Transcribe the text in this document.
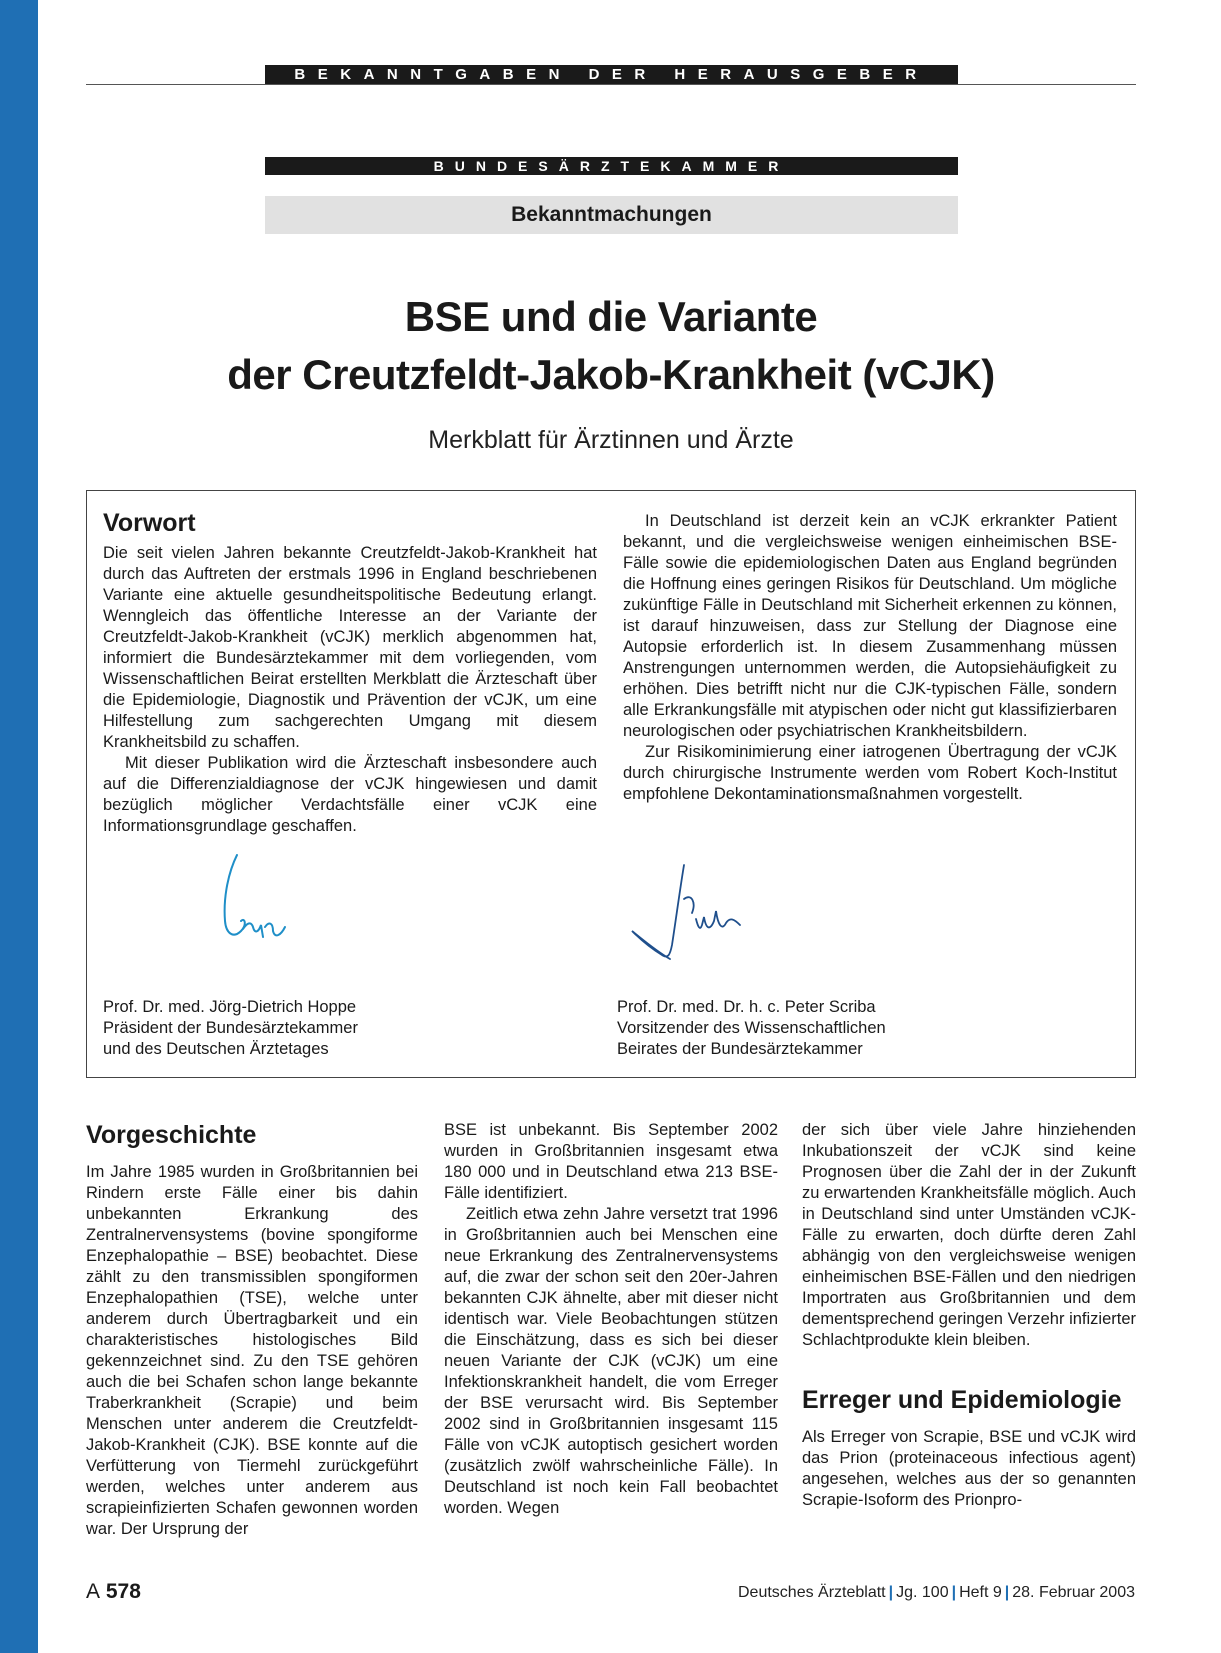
BEKANNTGABEN DER HERAUSGEBER
BUNDESÄRZTEKAMMER
Bekanntmachungen
BSE und die Variante
der Creutzfeldt-Jakob-Krankheit (vCJK)
Merkblatt für Ärztinnen und Ärzte
Vorwort

Die seit vielen Jahren bekannte Creutzfeldt-Jakob-Krankheit hat durch das Auftreten der erstmals 1996 in England beschriebenen Variante eine aktuelle gesundheitspolitische Bedeutung erlangt. Wenngleich das öffentliche Interesse an der Variante der Creutzfeldt-Jakob-Krankheit (vCJK) merklich abgenommen hat, informiert die Bundesärztekammer mit dem vorliegenden, vom Wissenschaftlichen Beirat erstellten Merkblatt die Ärzteschaft über die Epidemiologie, Diagnostik und Prävention der vCJK, um eine Hilfestellung zum sachgerechten Umgang mit diesem Krankheitsbild zu schaffen.

Mit dieser Publikation wird die Ärzteschaft insbesondere auch auf die Differenzialdiagnose der vCJK hingewiesen und damit bezüglich möglicher Verdachtsfälle einer vCJK eine Informationsgrundlage geschaffen.

In Deutschland ist derzeit kein an vCJK erkrankter Patient bekannt, und die vergleichsweise wenigen einheimischen BSE-Fälle sowie die epidemiologischen Daten aus England begründen die Hoffnung eines geringen Risikos für Deutschland. Um mögliche zukünftige Fälle in Deutschland mit Sicherheit erkennen zu können, ist darauf hinzuweisen, dass zur Stellung der Diagnose eine Autopsie erforderlich ist. In diesem Zusammenhang müssen Anstrengungen unternommen werden, die Autopsiehäufigkeit zu erhöhen. Dies betrifft nicht nur die CJK-typischen Fälle, sondern alle Erkrankungsfälle mit atypischen oder nicht gut klassifizierbaren neurologischen oder psychiatrischen Krankheitsbildern.

Zur Risikominimierung einer iatrogenen Übertragung der vCJK durch chirurgische Instrumente werden vom Robert Koch-Institut empfohlene Dekontaminationsmaßnahmen vorgestellt.

Prof. Dr. med. Jörg-Dietrich Hoppe
Präsident der Bundesärztekammer
und des Deutschen Ärztetages
Prof. Dr. med. Dr. h. c. Peter Scriba
Vorsitzender des Wissenschaftlichen
Beirates der Bundesärztekammer
Vorgeschichte

Im Jahre 1985 wurden in Großbritannien bei Rindern erste Fälle einer bis dahin unbekannten Erkrankung des Zentralnervensystems (bovine spongiforme Enzephalopathie – BSE) beobachtet. Diese zählt zu den transmissiblen spongiformen Enzephalopathien (TSE), welche unter anderem durch Übertragbarkeit und ein charakteristisches histologisches Bild gekennzeichnet sind. Zu den TSE gehören auch die bei Schafen schon lange bekannte Traberkrankheit (Scrapie) und beim Menschen unter anderem die Creutzfeldt-Jakob-Krankheit (CJK). BSE konnte auf die Verfütterung von Tiermehl zurückgeführt werden, welches unter anderem aus scrapieinfizierten Schafen gewonnen worden war. Der Ursprung der

BSE ist unbekannt. Bis September 2002 wurden in Großbritannien insgesamt etwa 180 000 und in Deutschland etwa 213 BSE-Fälle identifiziert.

Zeitlich etwa zehn Jahre versetzt trat 1996 in Großbritannien auch bei Menschen eine neue Erkrankung des Zentralnervensystems auf, die zwar der schon seit den 20er-Jahren bekannten CJK ähnelte, aber mit dieser nicht identisch war. Viele Beobachtungen stützen die Einschätzung, dass es sich bei dieser neuen Variante der CJK (vCJK) um eine Infektionskrankheit handelt, die vom Erreger der BSE verursacht wird. Bis September 2002 sind in Großbritannien insgesamt 115 Fälle von vCJK autoptisch gesichert worden (zusätzlich zwölf wahrscheinliche Fälle). In Deutschland ist noch kein Fall beobachtet worden. Wegen

der sich über viele Jahre hinziehenden Inkubationszeit der vCJK sind keine Prognosen über die Zahl der in der Zukunft zu erwartenden Krankheitsfälle möglich. Auch in Deutschland sind unter Umständen vCJK-Fälle zu erwarten, doch dürfte deren Zahl abhängig von den vergleichsweise wenigen einheimischen BSE-Fällen und den niedrigen Importraten aus Großbritannien und dem dementsprechend geringen Verzehr infizierter Schlachtprodukte klein bleiben.

Erreger und Epidemiologie

Als Erreger von Scrapie, BSE und vCJK wird das Prion (proteinaceous infectious agent) angesehen, welches aus der so genannten Scrapie-Isoform des Prionpro-

A 578	Deutsches Ärzteblatt | Jg. 100 | Heft 9 | 28. Februar 2003
